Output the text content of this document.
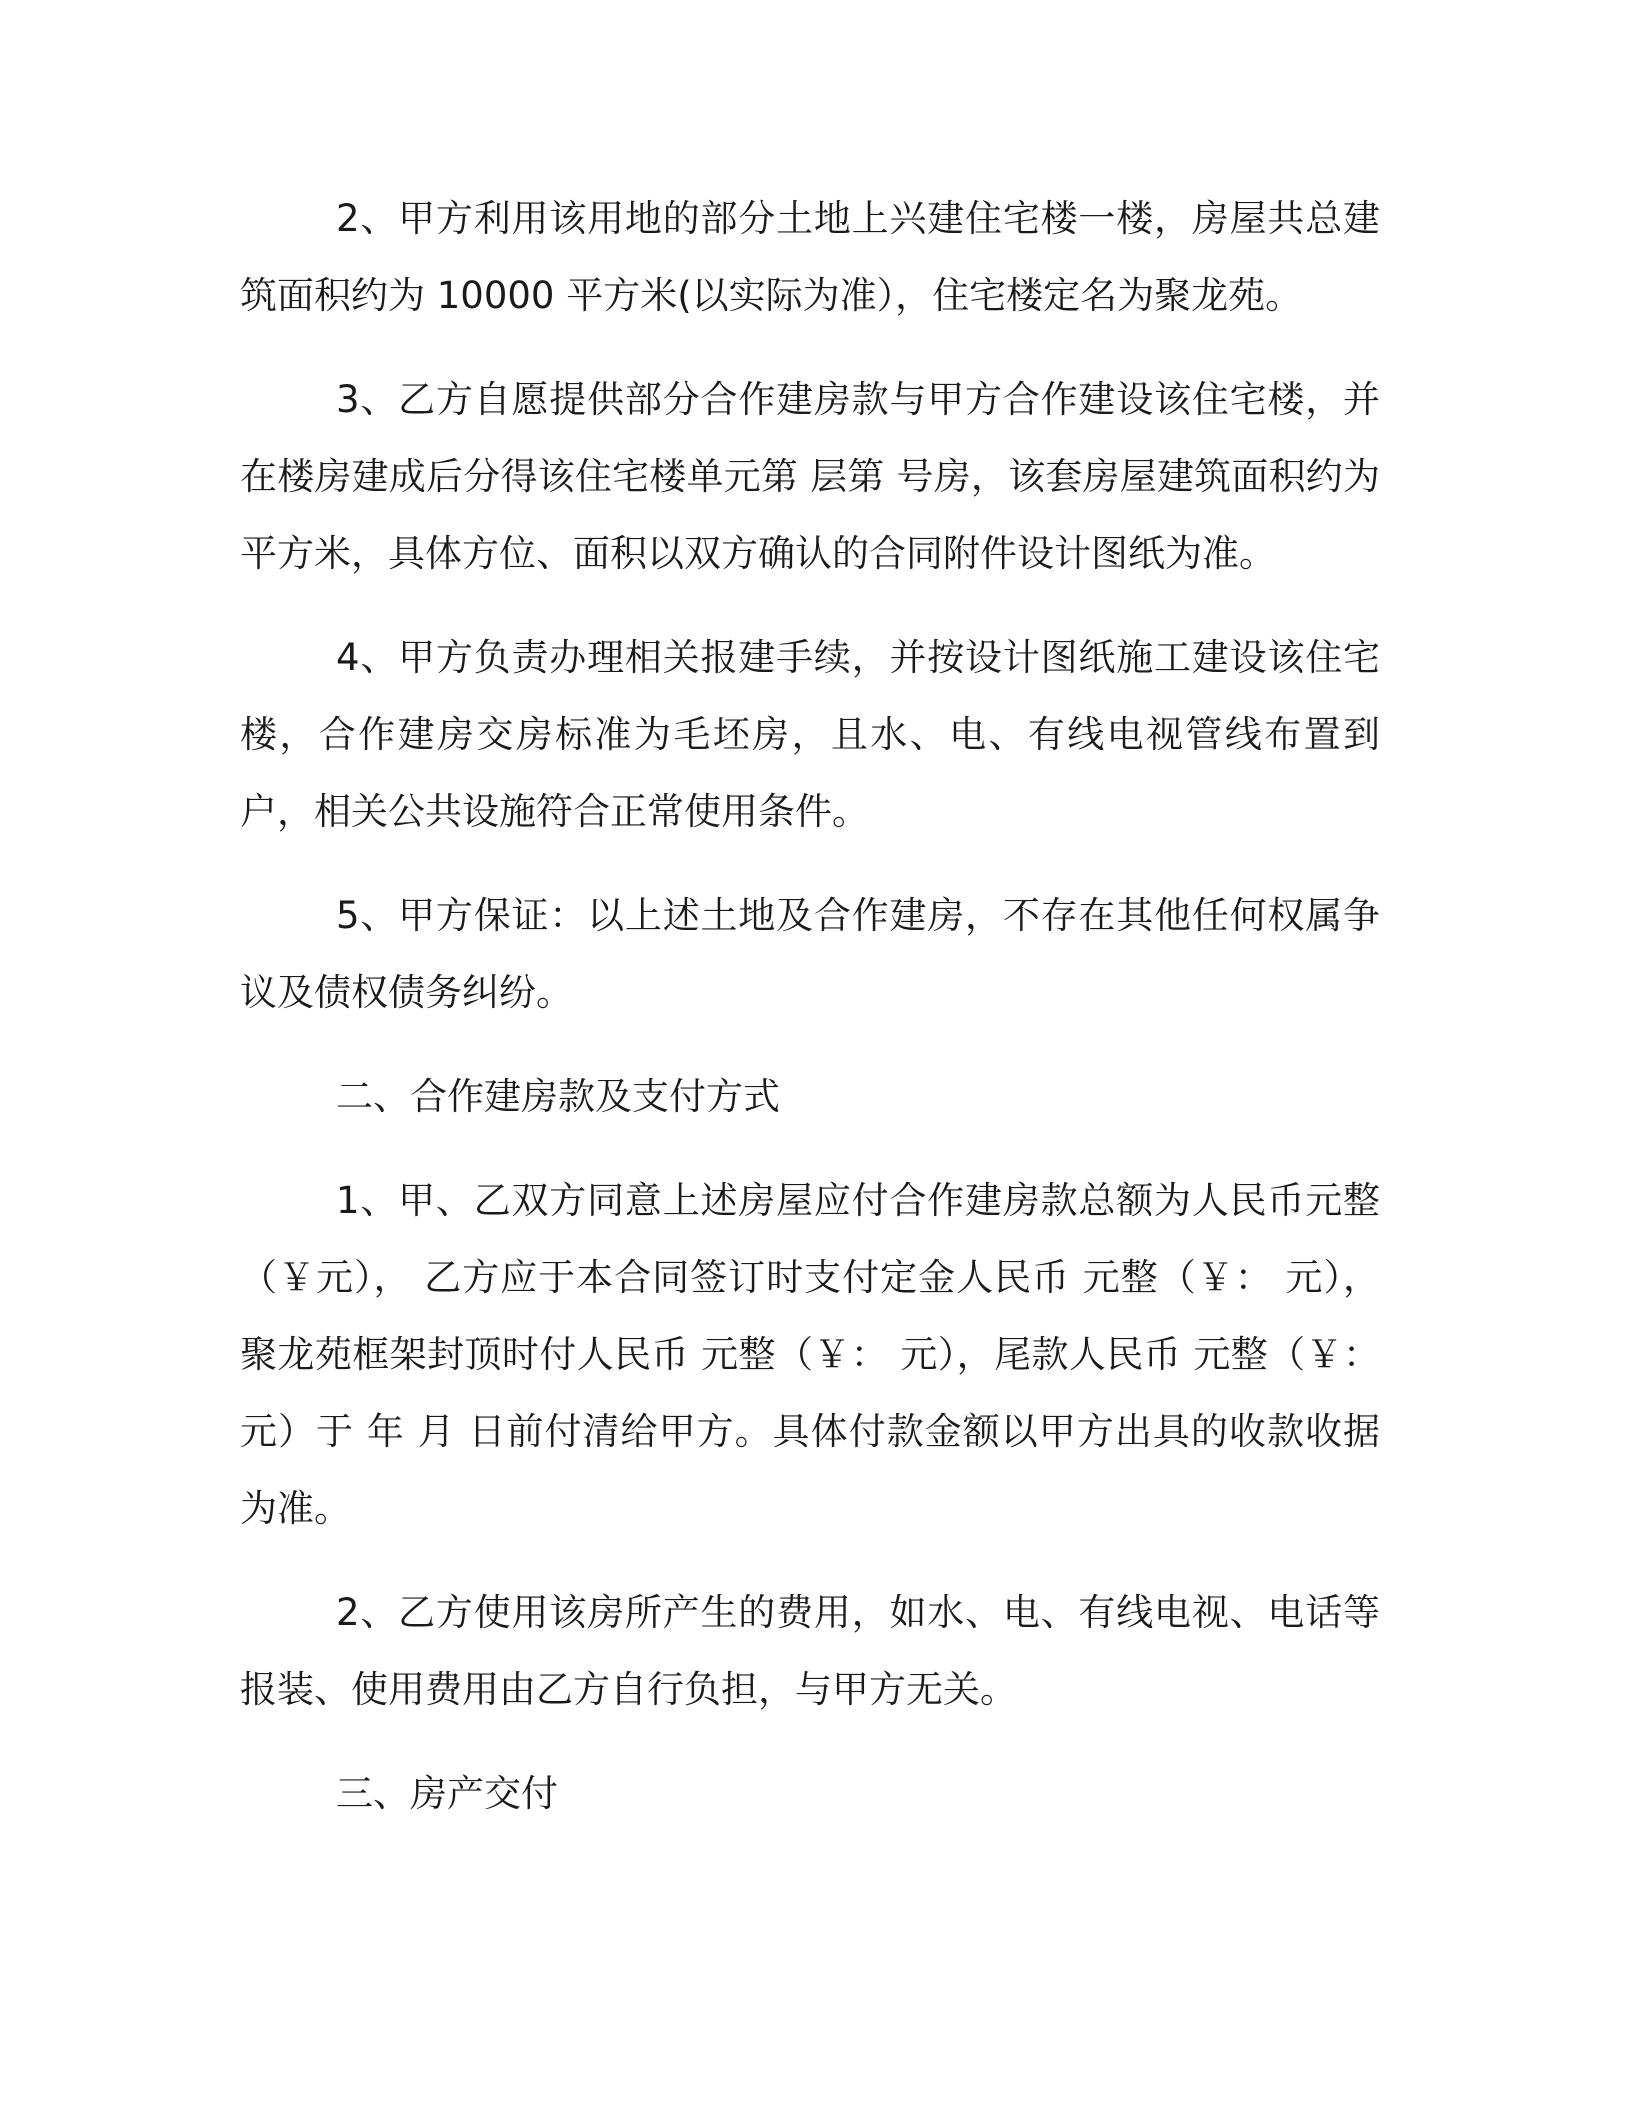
2、甲方利用该用地的部分土地上兴建住宅楼一楼，房屋共总建筑面积约为 10000 平方米(以实际为准），住宅楼定名为聚龙苑。

3、乙方自愿提供部分合作建房款与甲方合作建设该住宅楼，并在楼房建成后分得该住宅楼单元第 层第 号房，该套房屋建筑面积约为 平方米，具体方位、面积以双方确认的合同附件设计图纸为准。

4、甲方负责办理相关报建手续，并按设计图纸施工建设该住宅楼，合作建房交房标准为毛坯房，且水、电、有线电视管线布置到户，相关公共设施符合正常使用条件。

5、甲方保证：以上述土地及合作建房，不存在其他任何权属争议及债权债务纠纷。

二、合作建房款及支付方式

1、甲、乙双方同意上述房屋应付合作建房款总额为人民币元整（￥元）， 乙方应于本合同签订时支付定金人民币 元整（￥： 元），聚龙苑框架封顶时付人民币 元整（￥： 元），尾款人民币 元整（￥：元）于 年 月 日前付清给甲方。具体付款金额以甲方出具的收款收据为准。

2、乙方使用该房所产生的费用，如水、电、有线电视、电话等报装、使用费用由乙方自行负担，与甲方无关。

三、房产交付
